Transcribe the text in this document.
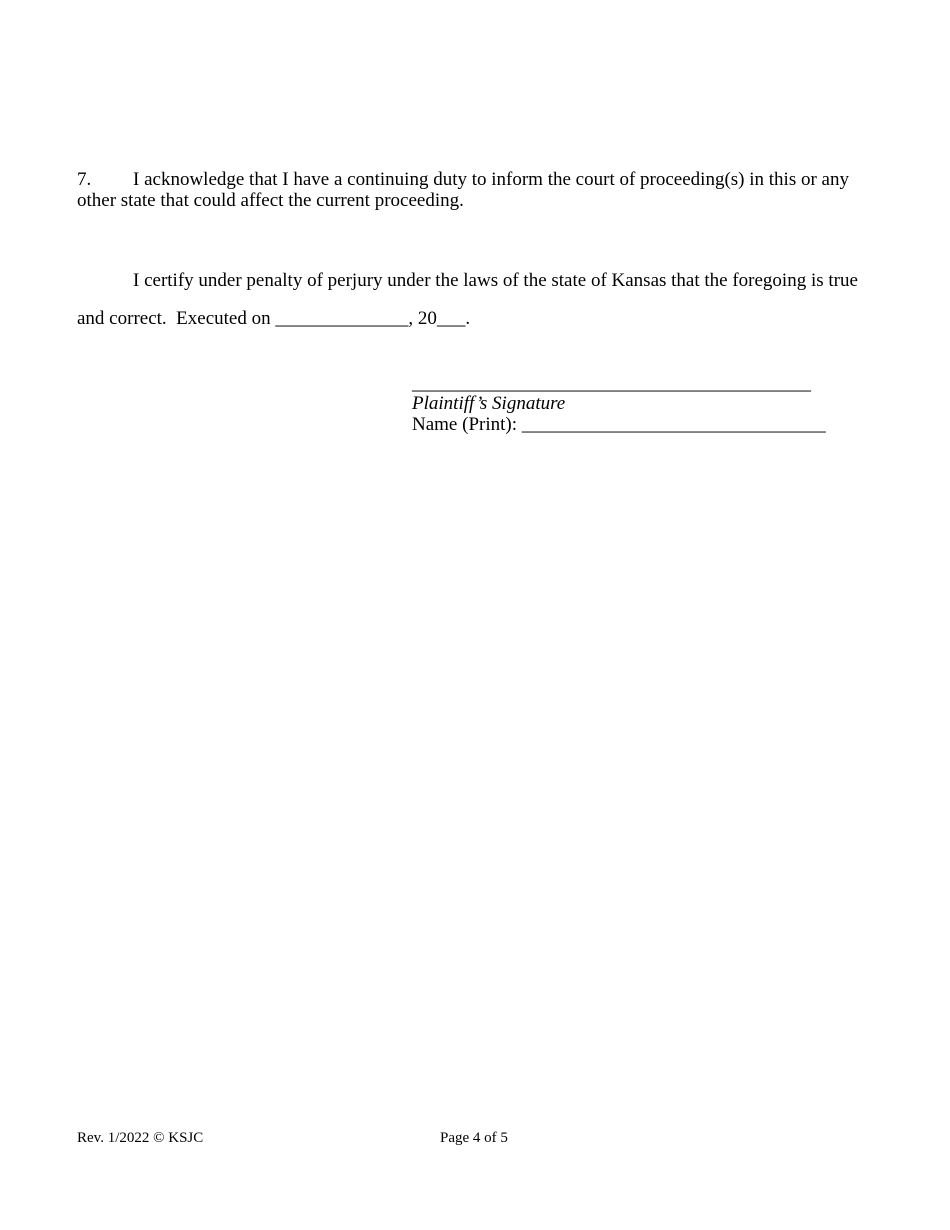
7. I acknowledge that I have a continuing duty to inform the court of proceeding(s) in this or any
other state that could affect the current proceeding.
I certify under penalty of perjury under the laws of the state of Kansas that the foregoing is true
and correct.  Executed on ______________, 20___.
__________________________________________
Plaintiff’s Signature
Name (Print): ________________________________
Rev. 1/2022 © KSJC	Page 4 of 5
